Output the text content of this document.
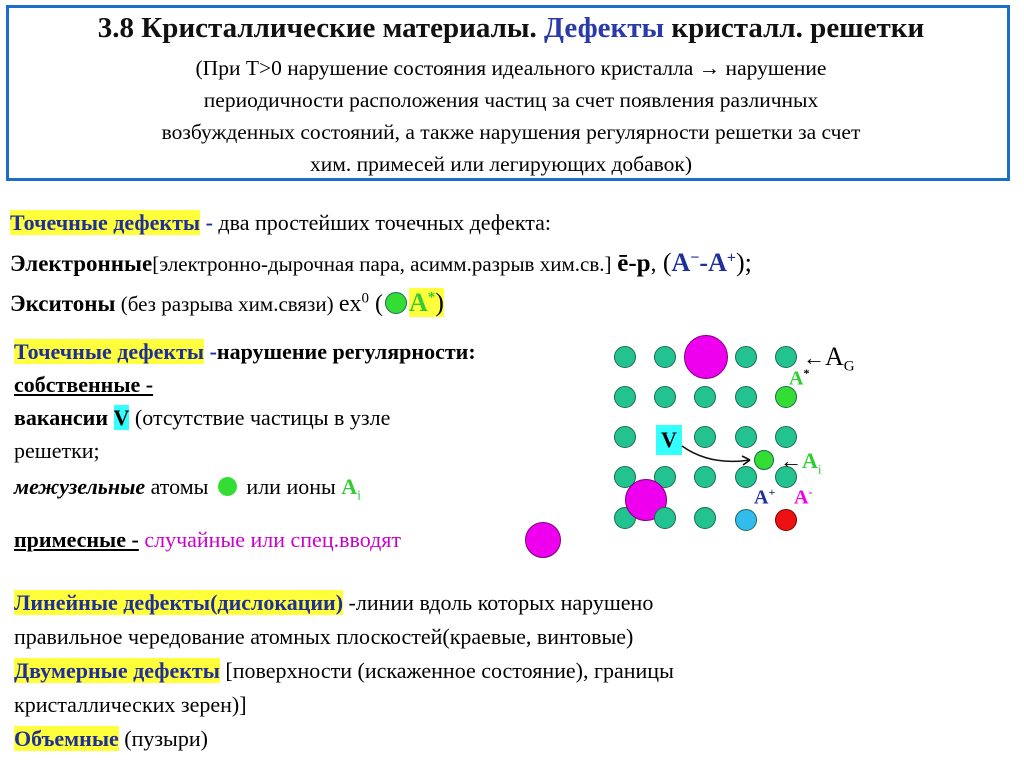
3.8 Кристаллические материалы. Дефекты кристалл. решетки
(При Т>0 нарушение состояния идеального кристалла → нарушение
периодичности расположения частиц за счет появления различных
возбужденных состояний, а также нарушения регулярности решетки за счет
хим. примесей или легирующих добавок)
Точечные дефекты - два простейших точечных дефекта:
Электронные[электронно-дырочная пара, асимм.разрыв хим.св.] ē-p, (A−-A+);
Экситоны (без разрыва хим.связи) $ex^0$ ( A*)
Точечные дефекты -нарушение регулярности:
собственные -
вакансии V (отсутствие частицы в узле
решетки;
межузельные атомы  или ионы $A_i$
примесные - случайные или спец.вводят
Линейные дефекты(дислокации) -линии вдоль которых нарушено
правильное чередование атомных плоскостей(краевые, винтовые)
Двумерные дефекты [поверхности (искаженное состояние), границы
кристаллических зерен)]
Объемные (пузыри)
V
$\leftarrow A_G$
A*
$\leftarrow A_i$
A+ A-
